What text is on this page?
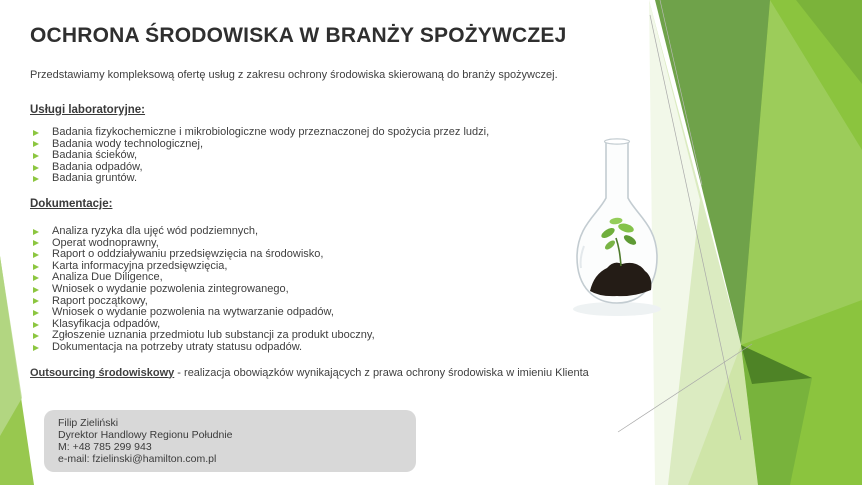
OCHRONA ŚRODOWISKA W BRANŻY SPOŻYWCZEJ

Przedstawiamy kompleksową ofertę usług z zakresu ochrony środowiska skierowaną do branży spożywczej.

Usługi laboratoryjne:
Badania fizykochemiczne i mikrobiologiczne wody przeznaczonej do spożycia przez ludzi,
Badania wody technologicznej,
Badania ścieków,
Badania odpadów,
Badania gruntów.
Dokumentacje:
Analiza ryzyka dla ujęć wód podziemnych,
Operat wodnoprawny,
Raport o oddziaływaniu przedsięwzięcia na środowisko,
Karta informacyjna przedsięwzięcia,
Analiza Due Diligence,
Wniosek o wydanie pozwolenia zintegrowanego,
Raport początkowy,
Wniosek o wydanie pozwolenia na wytwarzanie odpadów,
Klasyfikacja odpadów,
Zgłoszenie uznania przedmiotu lub substancji za produkt uboczny,
Dokumentacja na potrzeby utraty statusu odpadów.

Outsourcing środowiskowy - realizacja obowiązków wynikających z prawa ochrony środowiska w imieniu Klienta

Filip Zieliński
Dyrektor Handlowy Regionu Południe
M: +48 785 299 943
e-mail: fzielinski@hamilton.com.pl
